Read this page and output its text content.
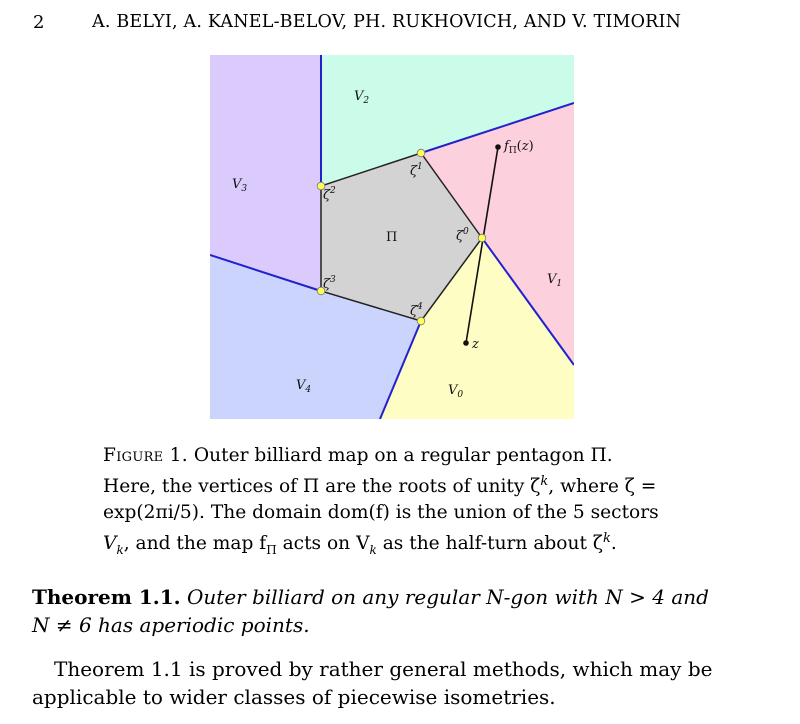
2	A. BELYI, A. KANEL-BELOV, PH. RUKHOVICH, AND V. TIMORIN
$V_2$
$V_3$
$V_1$
$V_4$	$V_0$
Π
$\zeta^1$
$\zeta^2$
$\zeta^0$
$\zeta^3$
$\zeta^4$
z
$f_\Pi(z)$
Figure 1. Outer billiard map on a regular pentagon Π.
Here, the vertices of Π are the roots of unity $\zeta^k$, where ζ =
exp(2πi/5). The domain dom(f) is the union of the 5 sectors
$V_k$, and the map $f_\Pi$ acts on $V_k$ as the half-turn about $\zeta^k$.
Theorem 1.1. Outer billiard on any regular N-gon with N > 4 and
N ≠ 6 has aperiodic points.
Theorem 1.1 is proved by rather general methods, which may be
applicable to wider classes of piecewise isometries.
